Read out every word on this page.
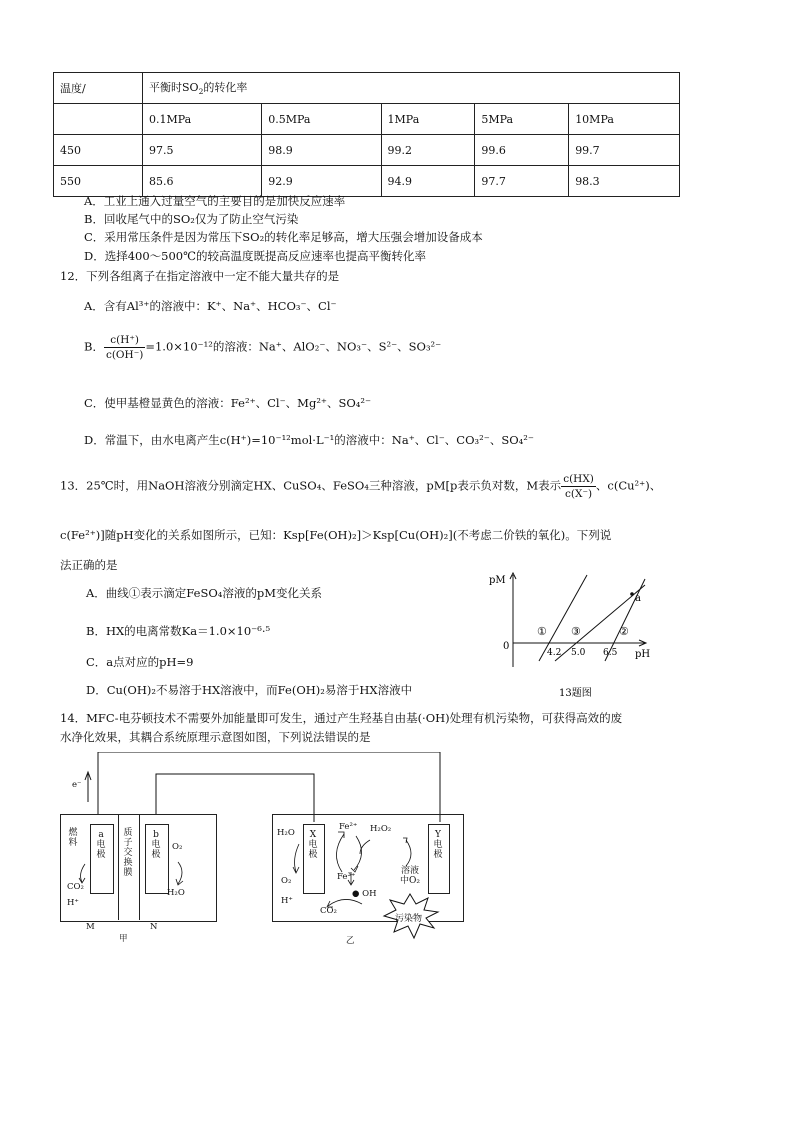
温度/	平衡时$SO_2$的转化率				
	0.1MPa	0.5MPa	1MPa	5MPa	10MPa
450	97.5	98.9	99.2	99.6	99.7
550	85.6	92.9	94.9	97.7	98.3
A．工业上通入过量空气的主要目的是加快反应速率
B．回收尾气中的SO₂仅为了防止空气污染
C．采用常压条件是因为常压下SO₂的转化率足够高，增大压强会增加设备成本
D．选择400～500℃的较高温度既提高反应速率也提高平衡转化率
12．下列各组离子在指定溶液中一定不能大量共存的是
A．含有Al³⁺的溶液中：K⁺、Na⁺、HCO₃⁻、Cl⁻
B． $\frac{c(H^+)}{c(OH^-)} =1.0\times 10^{-12}$的溶液：Na⁺、AlO₂⁻、NO₃⁻、S²⁻、SO₃²⁻
C．使甲基橙显黄色的溶液：Fe²⁺、Cl⁻、Mg²⁺、SO₄²⁻
D．常温下，由水电离产生c(H⁺)=10⁻¹²mol·L⁻¹的溶液中：Na⁺、Cl⁻、CO₃²⁻、SO₄²⁻
13．25℃时，用NaOH溶液分别滴定HX、CuSO₄、FeSO₄三种溶液，pM[p表示负对数，M表示 $\frac{c(HX)}{c(X^-)}$ 、c(Cu²⁺)、
c(Fe²⁺)]随pH变化的关系如图所示，已知：Ksp[Fe(OH)₂]＞Ksp[Cu(OH)₂](不考虑二价铁的氧化)。下列说
法正确的是
A．曲线①表示滴定FeSO₄溶液的pM变化关系
B．HX的电离常数Ka＝1.0×10⁻⁶·⁵
C．a点对应的pH=9
D．Cu(OH)₂不易溶于HX溶液中，而Fe(OH)₂易溶于HX溶液中
pM
0
pH
4.2 5.0 6.5
① ③	②
a
13题图
14．MFC-电芬顿技术不需要外加能量即可发生，通过产生羟基自由基(·OH)处理有机污染物，可获得高效的废
水净化效果，其耦合系统原理示意图如图，下列说法错误的是
e⁻
燃料
a电极
质子交换膜
b电极
O₂
H₂O
CO₂
H⁺
M
甲
N
X电极
Y电极
H₂O
O₂
H⁺
Fe²⁺ H₂O₂
Fe³⁺
● OH
溶液中O₂
CO₂
污染物
乙
